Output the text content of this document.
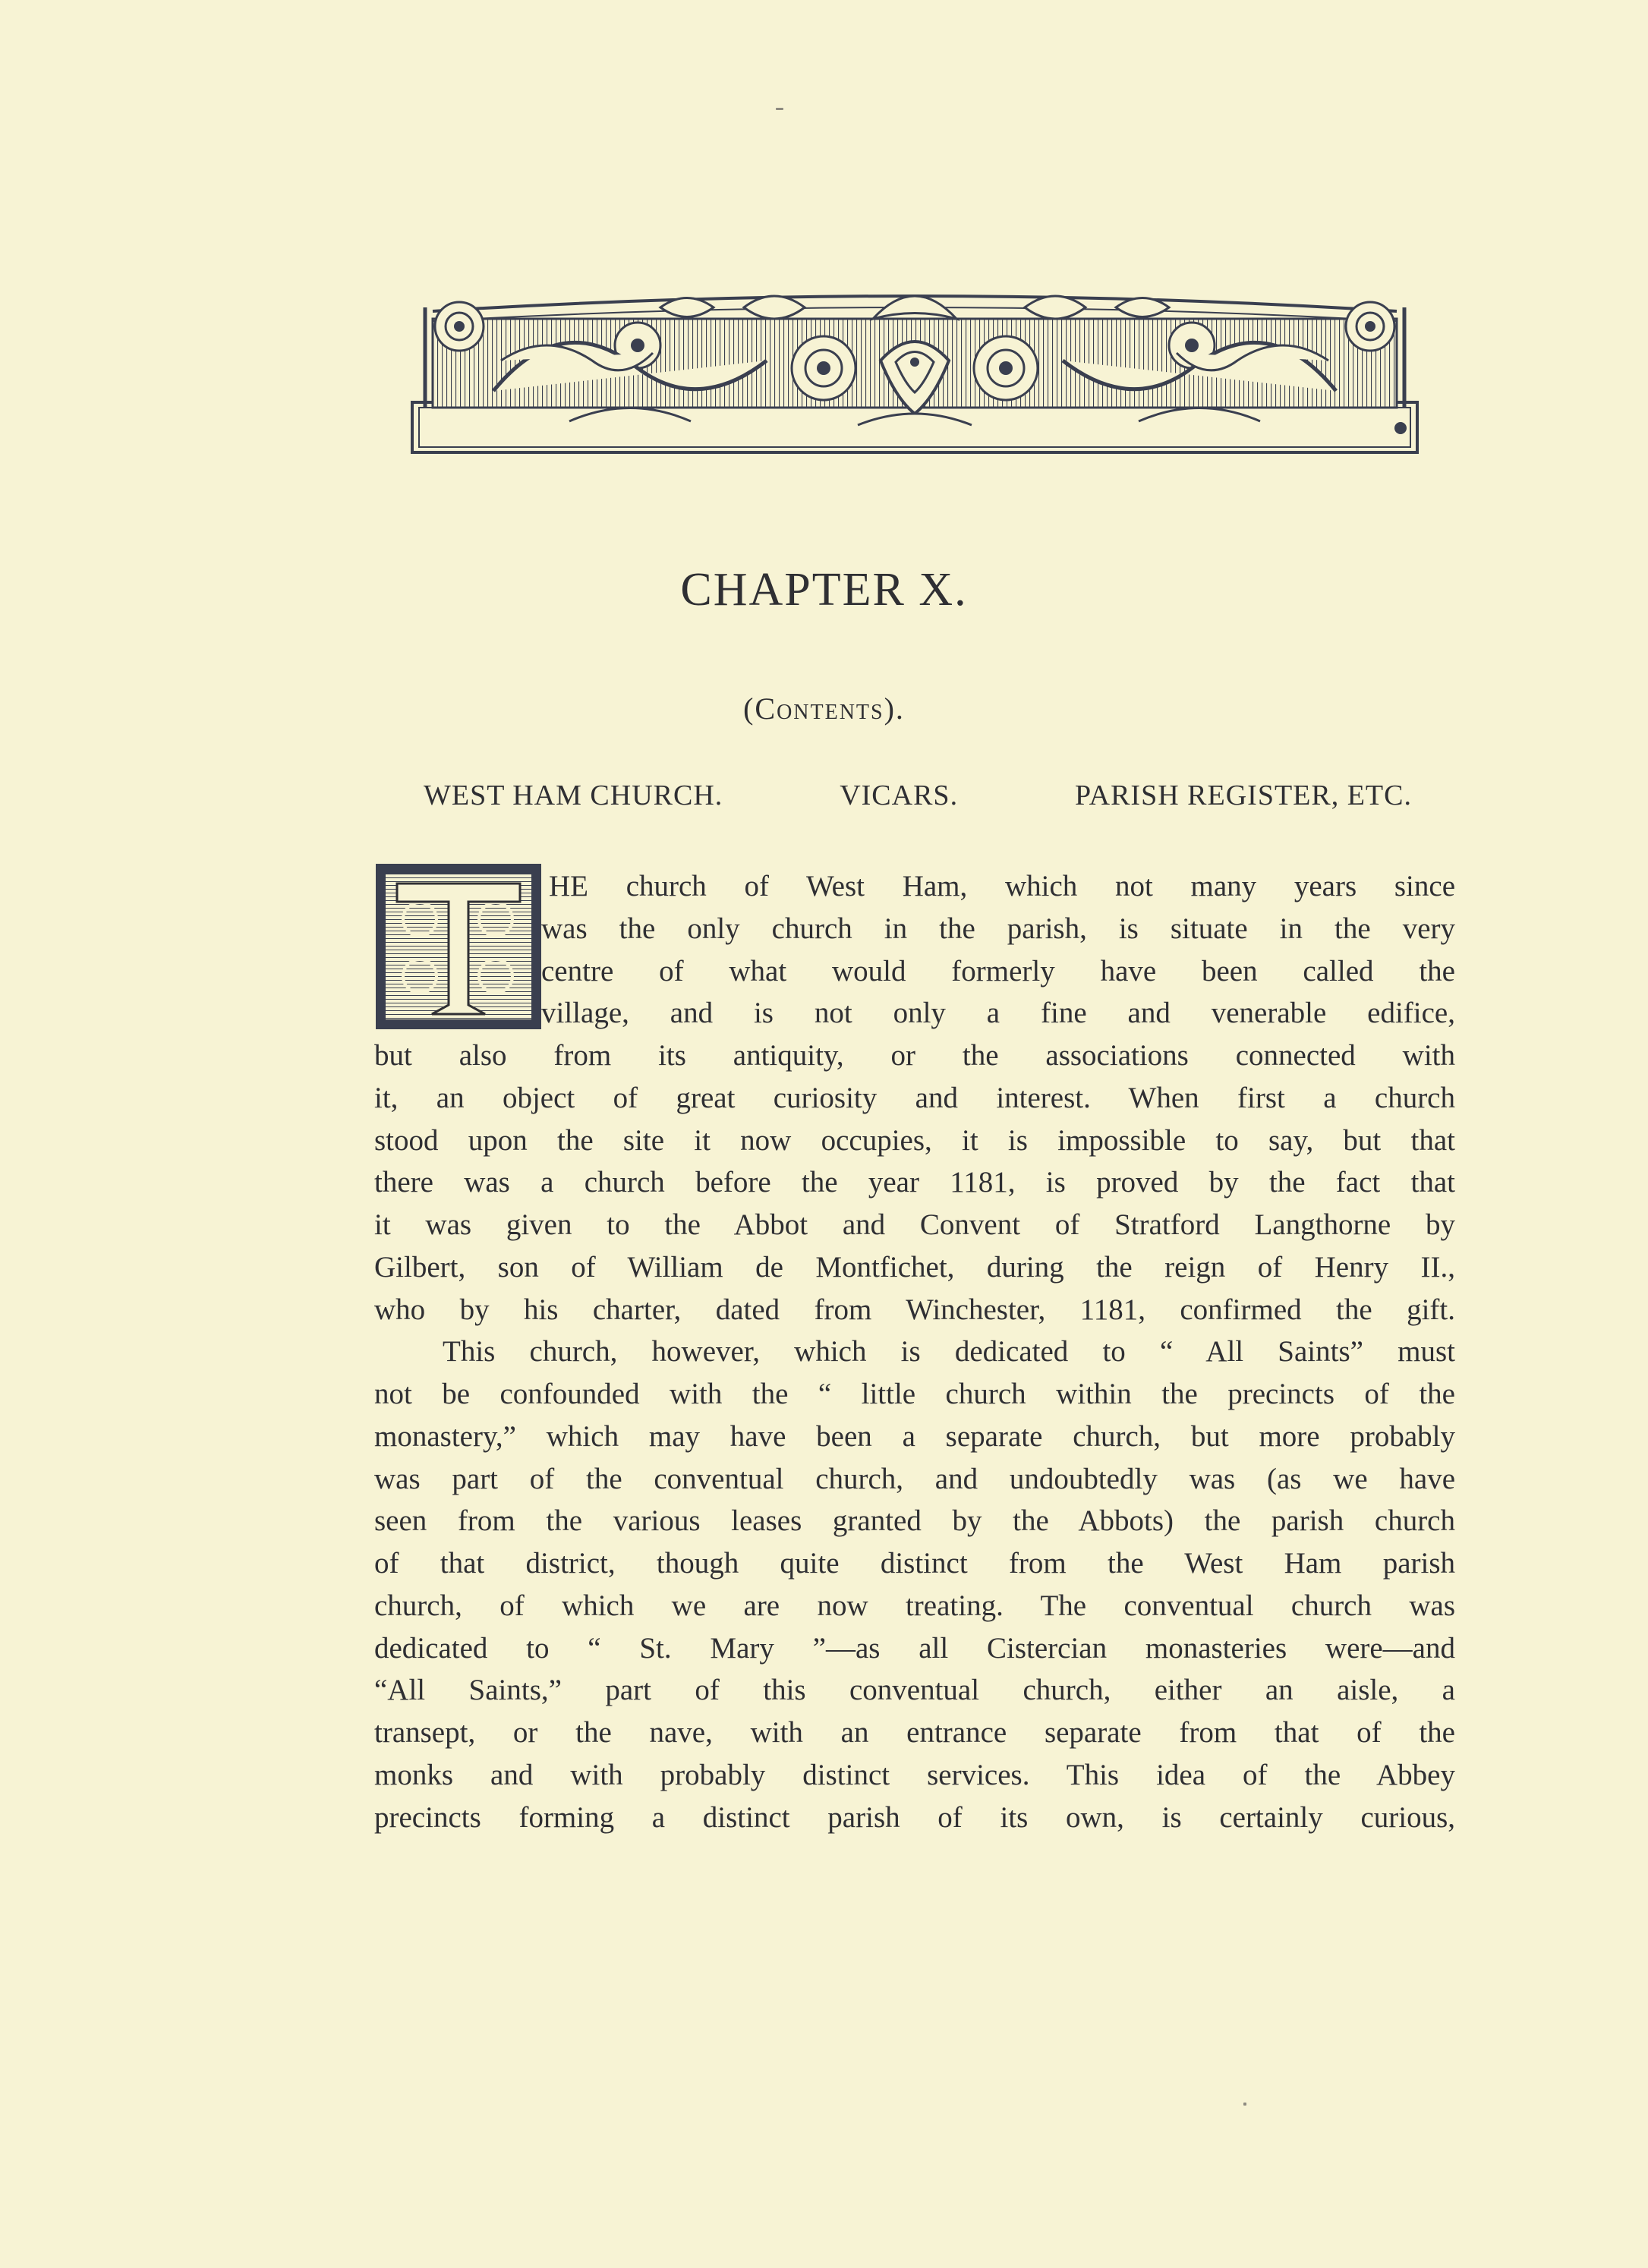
CHAPTER X.
(Contents).
WEST HAM CHURCH.	VICARS.	PARISH REGISTER, ETC.
HE church of West Ham, which not many years since
was the only church in the parish, is situate in the very
centre of what would formerly have been called the
village, and is not only a fine and venerable edifice,
but also from its antiquity, or the associations connected with
it, an object of great curiosity and interest. When first a church
stood upon the site it now occupies, it is impossible to say, but that
there was a church before the year 1181, is proved by the fact that
it was given to the Abbot and Convent of Stratford Langthorne by
Gilbert, son of William de Montfichet, during the reign of Henry II.,
who by his charter, dated from Winchester, 1181, confirmed the gift.
This church, however, which is dedicated to “ All Saints” must
not be confounded with the “ little church within the precincts of the
monastery,” which may have been a separate church, but more probably
was part of the conventual church, and undoubtedly was (as we have
seen from the various leases granted by the Abbots) the parish church
of that district, though quite distinct from the West Ham parish
church, of which we are now treating. The conventual church was
dedicated to “ St. Mary ”—as all Cistercian monasteries were—and
“All Saints,” part of this conventual church, either an aisle, a
transept, or the nave, with an entrance separate from that of the
monks and with probably distinct services. This idea of the Abbey
precincts forming a distinct parish of its own, is certainly curious,
